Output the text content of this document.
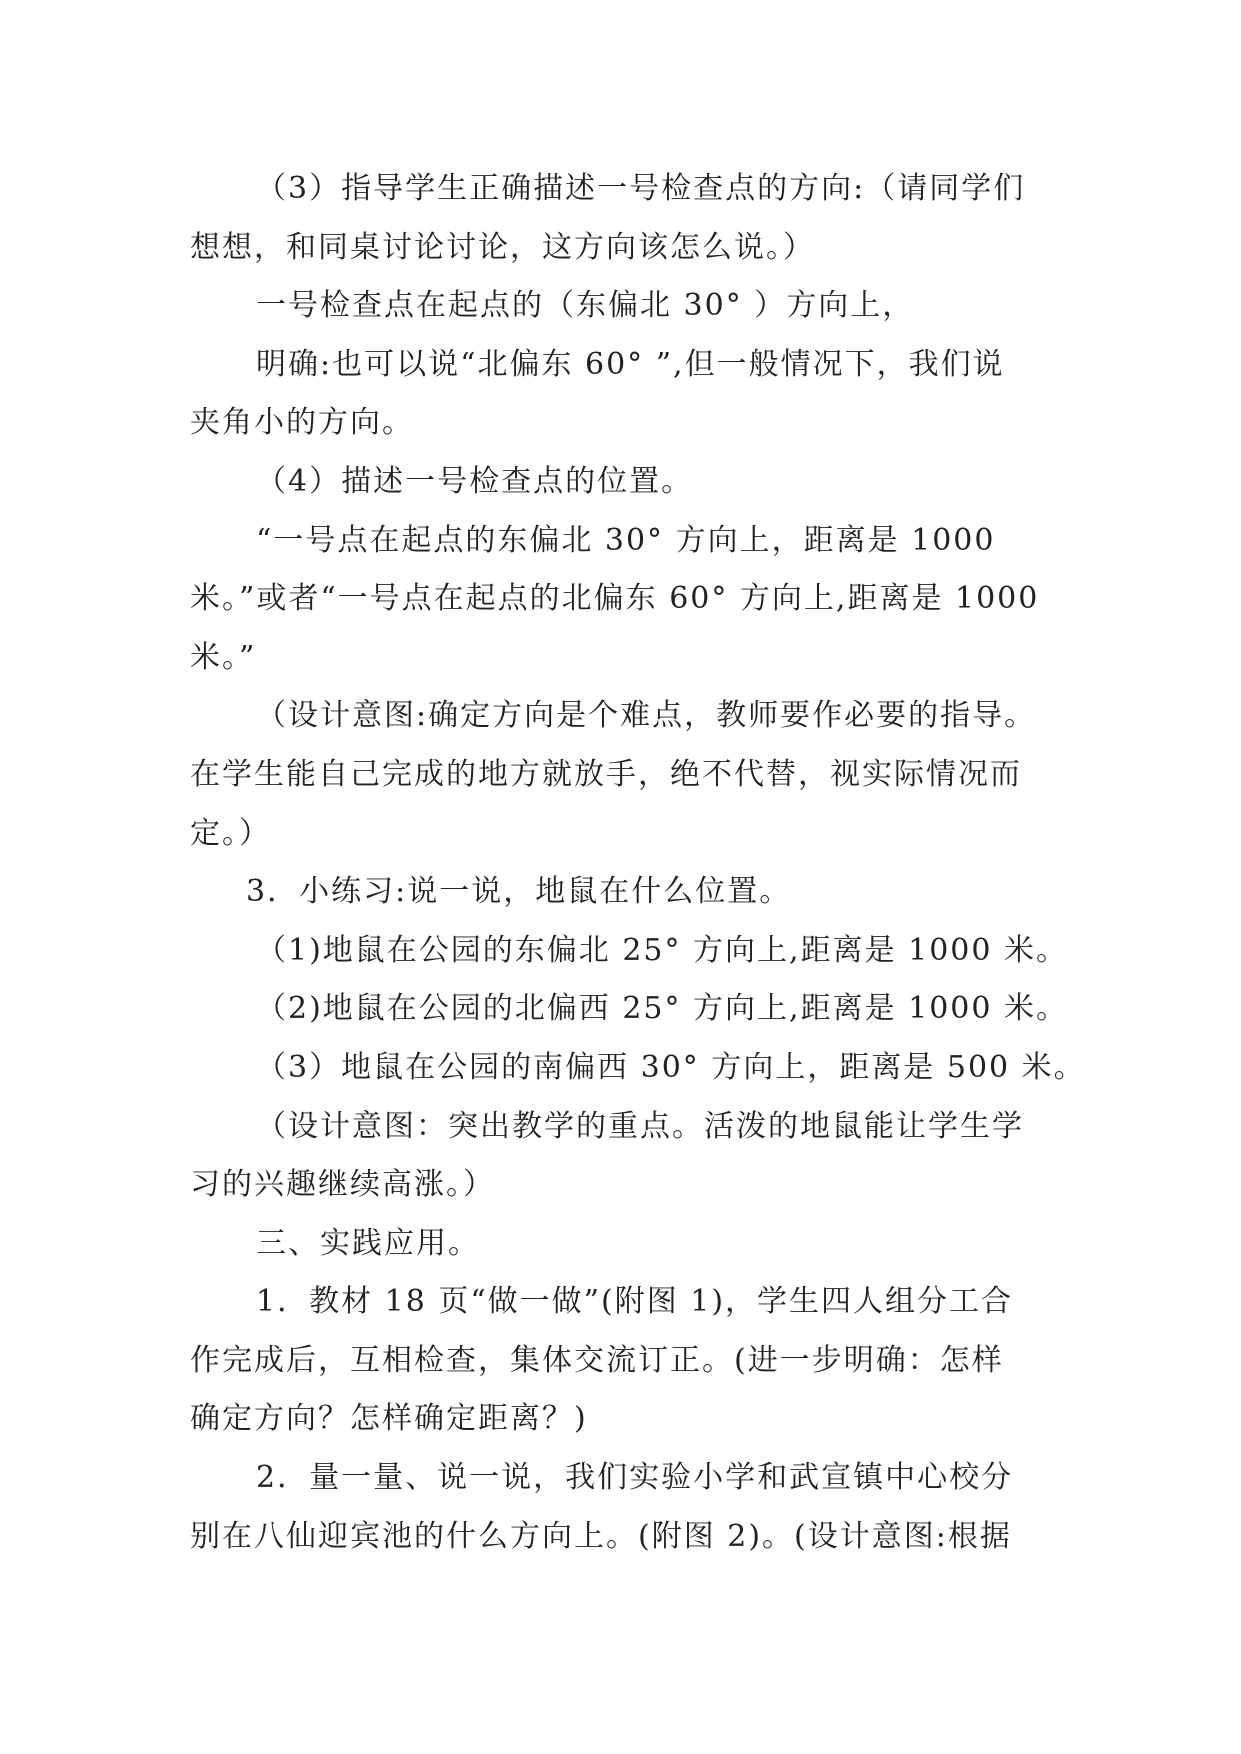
（3）指导学生正确描述一号检查点的方向:（请同学们

想想，和同桌讨论讨论，这方向该怎么说。）

一号检查点在起点的（东偏北 30° ）方向上，

明确:也可以说“北偏东 60° ”,但一般情况下，我们说

夹角小的方向。

（4）描述一号检查点的位置。

“一号点在起点的东偏北 30° 方向上，距离是 1000

米。”或者“一号点在起点的北偏东 60° 方向上,距离是 1000

米。”

（设计意图:确定方向是个难点，教师要作必要的指导。

在学生能自己完成的地方就放手，绝不代替，视实际情况而

定。）

3．小练习:说一说，地鼠在什么位置。

（1)地鼠在公园的东偏北 25° 方向上,距离是 1000 米。

（2)地鼠在公园的北偏西 25° 方向上,距离是 1000 米。

（3）地鼠在公园的南偏西 30° 方向上，距离是 500 米。

（设计意图：突出教学的重点。活泼的地鼠能让学生学

习的兴趣继续高涨。）

三、实践应用。

1．教材 18 页“做一做”(附图 1)，学生四人组分工合

作完成后，互相检查，集体交流订正。(进一步明确：怎样

确定方向？怎样确定距离？)

2．量一量、说一说，我们实验小学和武宣镇中心校分

别在八仙迎宾池的什么方向上。(附图 2)。(设计意图:根据
